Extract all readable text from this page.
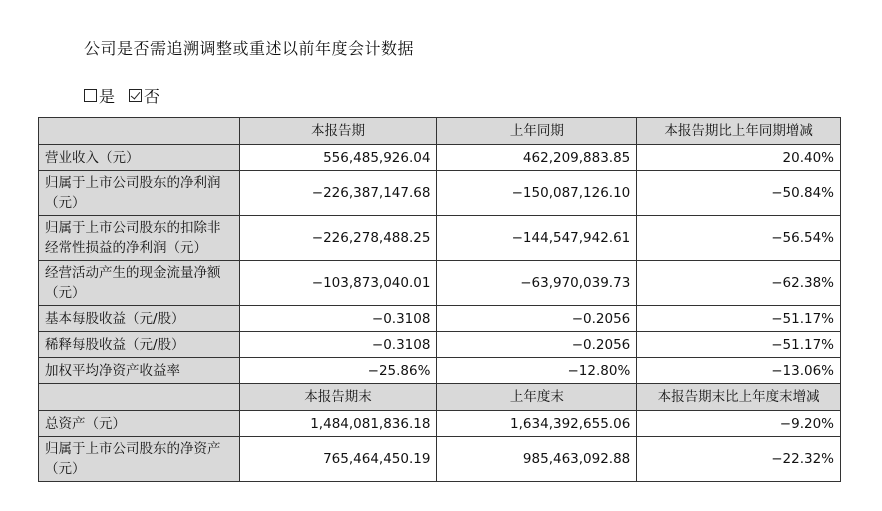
公司是否需追溯调整或重述以前年度会计数据
是 否
	本报告期	上年同期	本报告期比上年同期增减
营业收入（元）	556,485,926.04	462,209,883.85	20.40%
归属于上市公司股东的净利润（元）	−226,387,147.68	−150,087,126.10	−50.84%
归属于上市公司股东的扣除非经常性损益的净利润（元）	−226,278,488.25	−144,547,942.61	−56.54%
经营活动产生的现金流量净额（元）	−103,873,040.01	−63,970,039.73	−62.38%
基本每股收益（元/股）	−0.3108	−0.2056	−51.17%
稀释每股收益（元/股）	−0.3108	−0.2056	−51.17%
加权平均净资产收益率	−25.86%	−12.80%	−13.06%
	本报告期末	上年度末	本报告期末比上年度末增减
总资产（元）	1,484,081,836.18	1,634,392,655.06	−9.20%
归属于上市公司股东的净资产（元）	765,464,450.19	985,463,092.88	−22.32%
